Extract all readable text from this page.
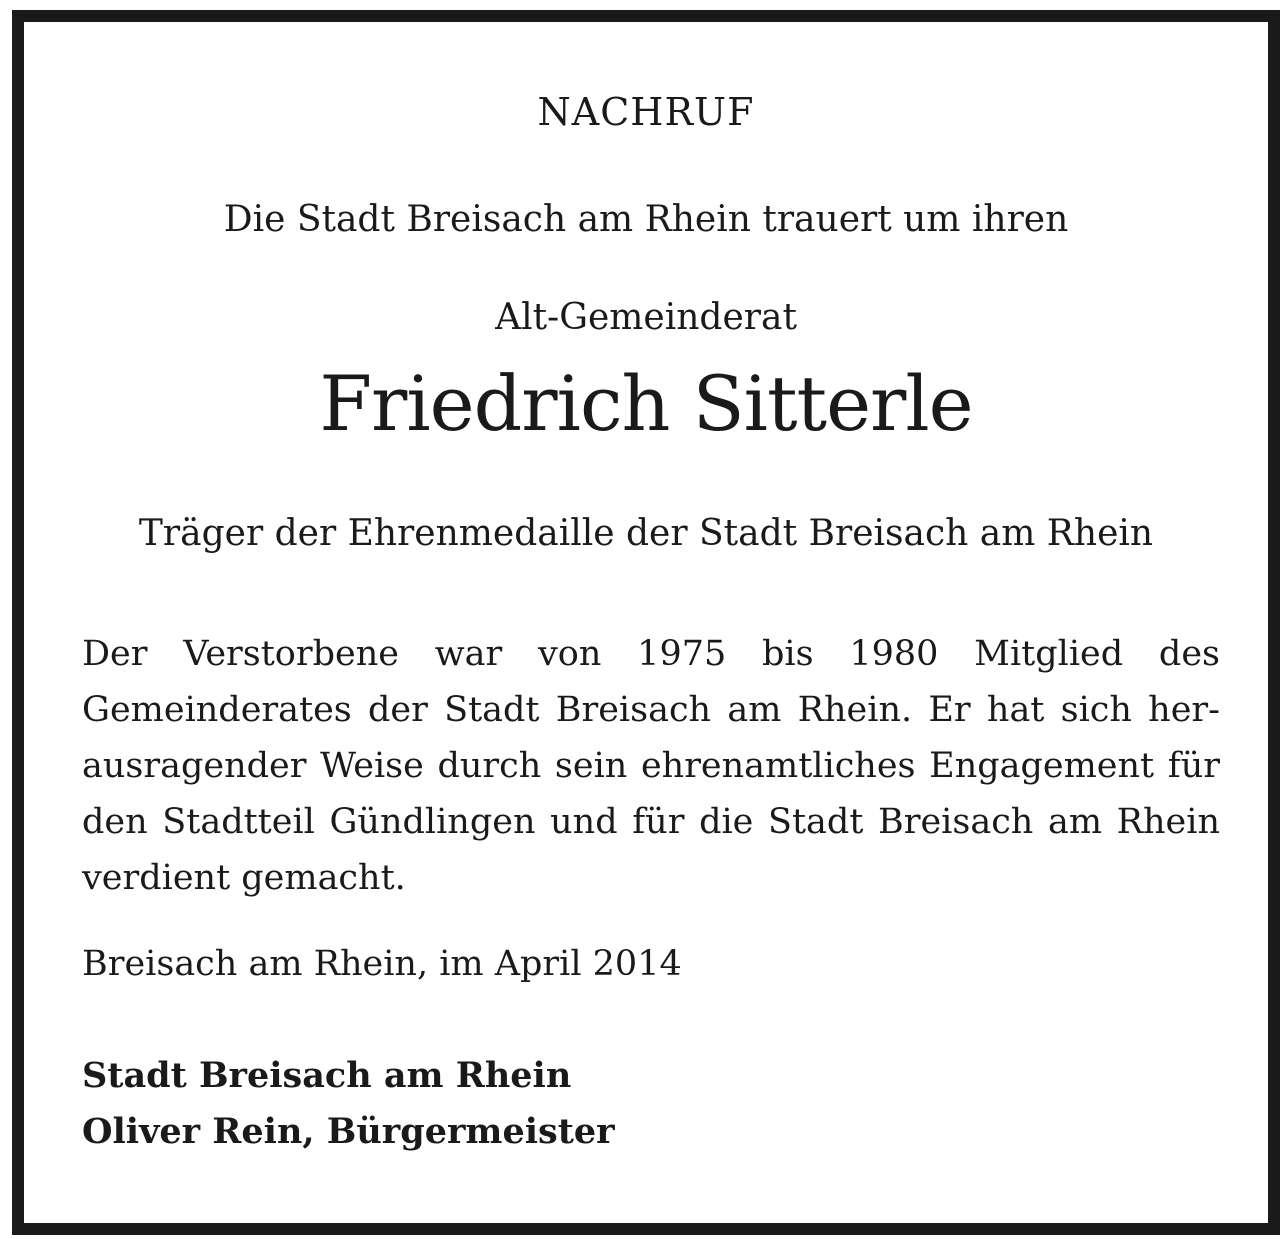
NACHRUF
Die Stadt Breisach am Rhein trauert um ihren
Alt-Gemeinderat
Friedrich Sitterle
Träger der Ehrenmedaille der Stadt Breisach am Rhein
Der Verstorbene war von 1975 bis 1980 Mitglied des Gemeinderates der Stadt Breisach am Rhein. Er hat sich herausragender Weise durch sein ehrenamtliches Engagement für den Stadtteil Gündlingen und für die Stadt Breisach am Rhein verdient gemacht.
Breisach am Rhein, im April 2014
Stadt Breisach am Rhein
Oliver Rein, Bürgermeister
